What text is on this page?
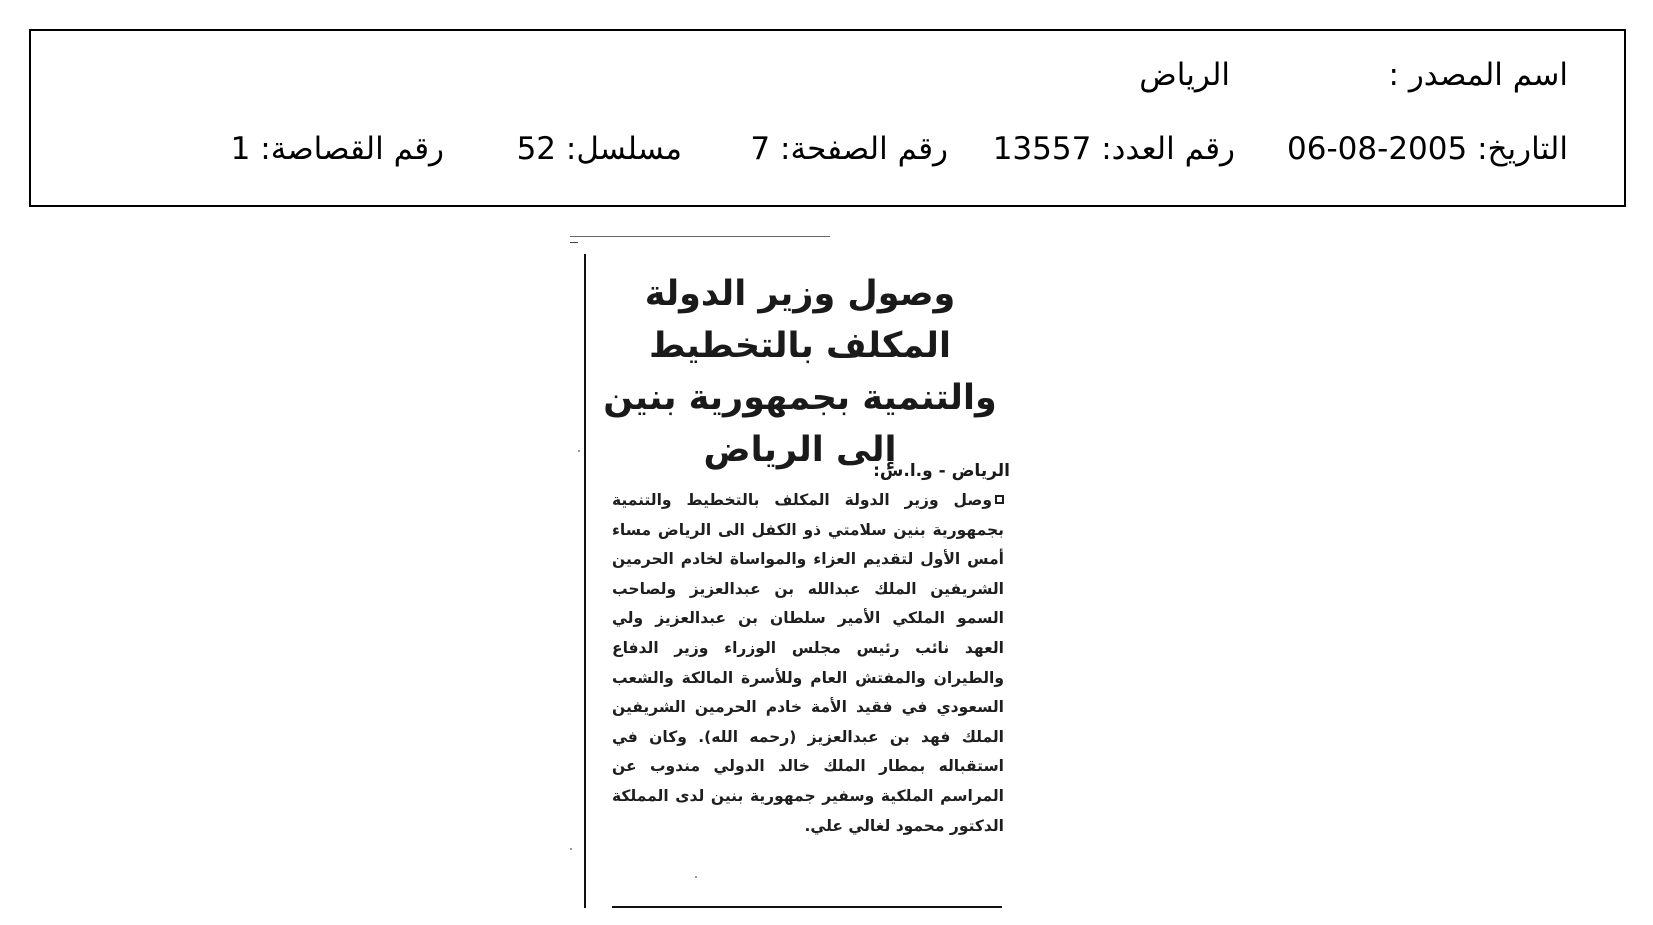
اسم المصدر :
الرياض
التاريخ: 2005-08-06
رقم العدد: 13557
رقم الصفحة: 7
مسلسل: 52
رقم القصاصة: 1
وصول وزير الدولة المكلف بالتخطيط والتنمية بجمهورية بنين إلى الرياض
الرياض - و.ا.س:
وصل وزير الدولة المكلف بالتخطيط والتنمية بجمهورية بنين سلامتي ذو الكفل الى الرياض مساء أمس الأول لتقديم العزاء والمواساة لخادم الحرمين الشريفين الملك عبدالله بن عبدالعزيز ولصاحب السمو الملكي الأمير سلطان بن عبدالعزيز ولي العهد نائب رئيس مجلس الوزراء وزير الدفاع والطيران والمفتش العام وللأسرة المالكة والشعب السعودي في فقيد الأمة خادم الحرمين الشريفين الملك فهد بن عبدالعزيز (رحمه الله). وكان في استقباله بمطار الملك خالد الدولي مندوب عن المراسم الملكية وسفير جمهورية بنين لدى المملكة الدكتور محمود لغالي علي.
